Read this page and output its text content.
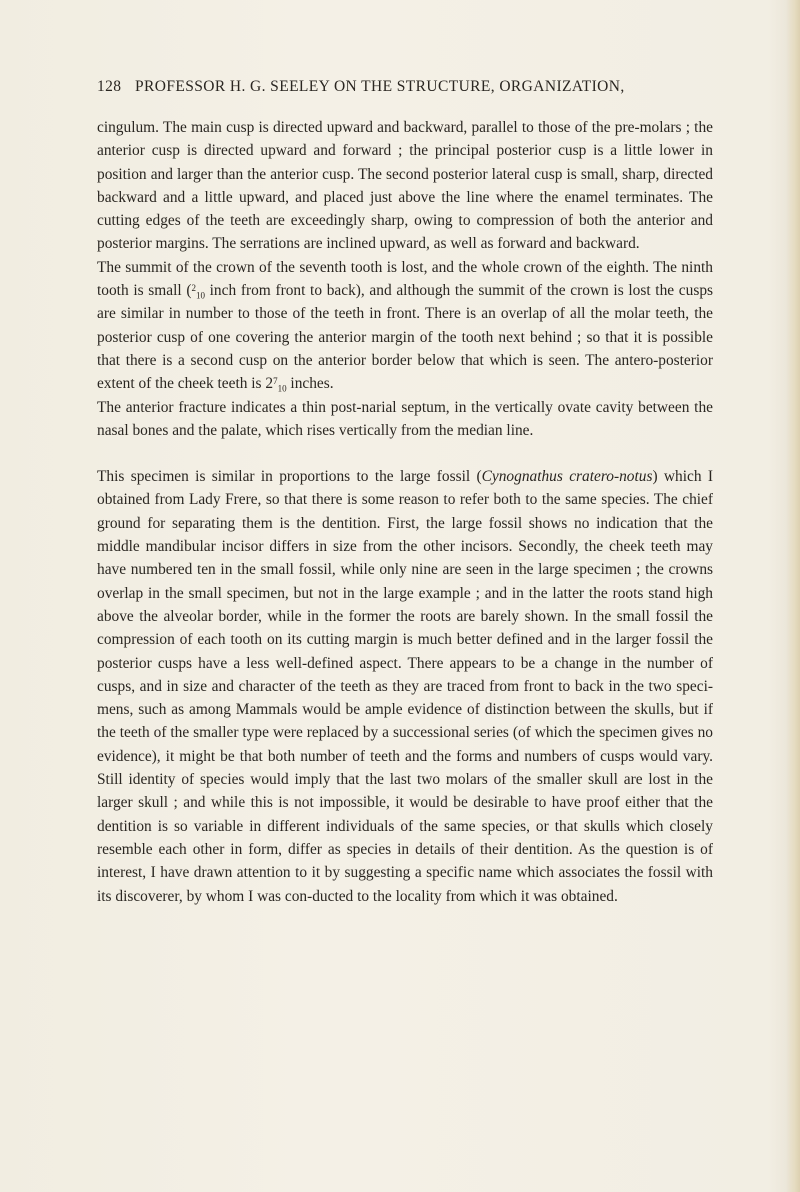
128 PROFESSOR H. G. SEELEY ON THE STRUCTURE, ORGANIZATION,

cingulum. The main cusp is directed upward and backward, parallel to those of the pre-molars ; the anterior cusp is directed upward and forward ; the principal posterior cusp is a little lower in position and larger than the anterior cusp. The second posterior lateral cusp is small, sharp, directed backward and a little upward, and placed just above the line where the enamel terminates. The cutting edges of the teeth are exceedingly sharp, owing to compression of both the anterior and posterior margins. The serrations are inclined upward, as well as forward and backward.

The summit of the crown of the seventh tooth is lost, and the whole crown of the eighth. The ninth tooth is small ($^2_{10}$ inch from front to back), and although the summit of the crown is lost the cusps are similar in number to those of the teeth in front. There is an overlap of all the molar teeth, the posterior cusp of one covering the anterior margin of the tooth next behind ; so that it is possible that there is a second cusp on the anterior border below that which is seen. The antero-posterior extent of the cheek teeth is $2^7_{10}$ inches.

The anterior fracture indicates a thin post-narial septum, in the vertically ovate cavity between the nasal bones and the palate, which rises vertically from the median line.

This specimen is similar in proportions to the large fossil (Cynognathus cratero-notus) which I obtained from Lady Frere, so that there is some reason to refer both to the same species. The chief ground for separating them is the dentition. First, the large fossil shows no indication that the middle mandibular incisor differs in size from the other incisors. Secondly, the cheek teeth may have numbered ten in the small fossil, while only nine are seen in the large specimen ; the crowns overlap in the small specimen, but not in the large example ; and in the latter the roots stand high above the alveolar border, while in the former the roots are barely shown. In the small fossil the compression of each tooth on its cutting margin is much better defined and in the larger fossil the posterior cusps have a less well-defined aspect. There appears to be a change in the number of cusps, and in size and character of the teeth as they are traced from front to back in the two speci-mens, such as among Mammals would be ample evidence of distinction between the skulls, but if the teeth of the smaller type were replaced by a successional series (of which the specimen gives no evidence), it might be that both number of teeth and the forms and numbers of cusps would vary. Still identity of species would imply that the last two molars of the smaller skull are lost in the larger skull ; and while this is not impossible, it would be desirable to have proof either that the dentition is so variable in different individuals of the same species, or that skulls which closely resemble each other in form, differ as species in details of their dentition. As the question is of interest, I have drawn attention to it by suggesting a specific name which associates the fossil with its discoverer, by whom I was con-ducted to the locality from which it was obtained.
